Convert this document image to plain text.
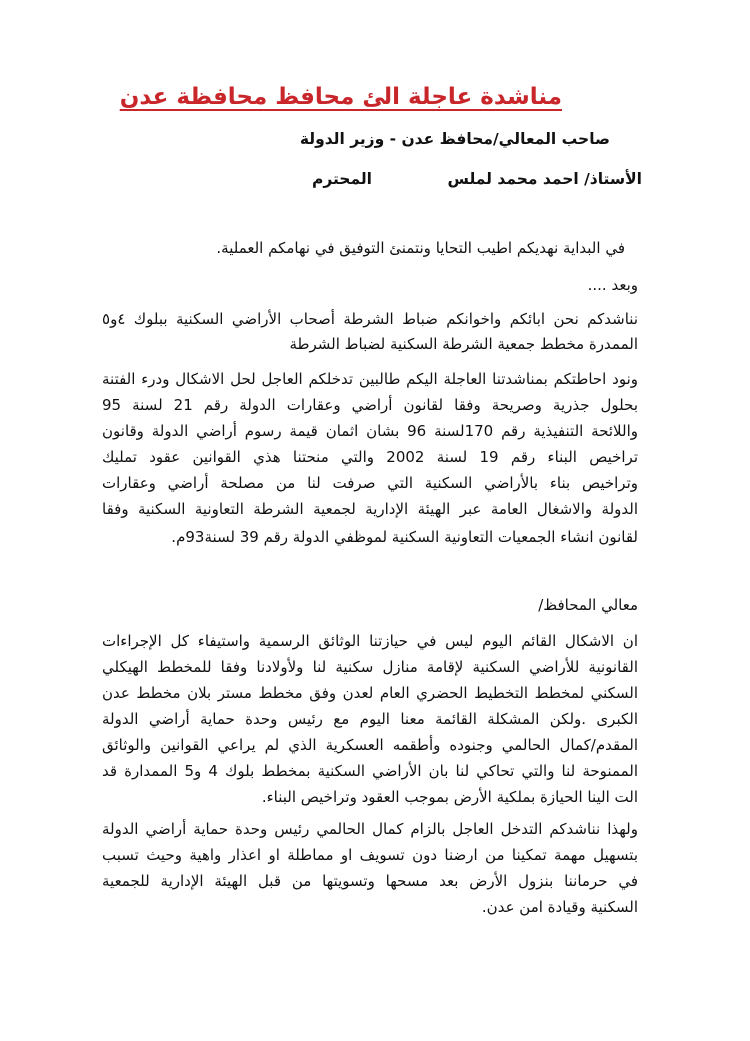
مناشدة عاجلة الئ محافظ محافظة عدن
صاحب المعالي/محافظ عدن - وزير الدولة
الأستاذ/ احمد محمد لملس
المحترم
في البداية نهديكم اطيب التحايا ونتمنئ التوفيق في نهامكم العملية.
وبعد ....
نناشدكم نحن ابائكم واخوانكم ضباط الشرطة أصحاب الأراضي السكنية ببلوك ٤و٥
الممدرة مخطط جمعية الشرطة السكنية لضباط الشرطة
ونود احاطتكم بمناشدتنا العاجلة اليكم طالبين تدخلكم العاجل لحل الاشكال ودرء الفتنة
بحلول جذرية وصريحة وفقا لقانون أراضي وعقارات الدولة رقم 21 لسنة 95
واللائحة التنفيذية رقم 170لسنة 96 بشان اثمان قيمة رسوم أراضي الدولة وقانون
تراخيص البناء رقم 19 لسنة 2002 والتي منحتنا هذي القوانين عقود تمليك
وتراخيص بناء بالأراضي السكنية التي صرفت لنا من مصلحة أراضي وعقارات
الدولة والاشغال العامة عبر الهيئة الإدارية لجمعية الشرطة التعاونية السكنية وفقا
لقانون انشاء الجمعيات التعاونية السكنية لموظفي الدولة رقم 39 لسنة93م.
معالي المحافظ/
ان الاشكال القائم اليوم ليس في حيازتنا الوثائق الرسمية واستيفاء كل الإجراءات
القانونية للأراضي السكنية لإقامة منازل سكنية لنا ولأولادنا وفقا للمخطط الهيكلي
السكني لمخطط التخطيط الحضري العام لعدن وفق مخطط مستر بلان مخطط عدن
الكبرى .ولكن المشكلة القائمة معنا اليوم مع رئيس وحدة حماية أراضي الدولة
المقدم/كمال الحالمي وجنوده وأطقمه العسكرية الذي لم يراعي القوانين والوثائق
الممنوحة لنا والتي تحاكي لنا بان الأراضي السكنية بمخطط بلوك 4 و5 الممدارة قد
الت الينا الحيازة بملكية الأرض بموجب العقود وتراخيص البناء.
ولهذا نناشدكم التدخل العاجل بالزام كمال الحالمي رئيس وحدة حماية أراضي الدولة
بتسهيل مهمة تمكينا من ارضنا دون تسويف او مماطلة او اعذار واهية وحيث تسبب
في حرماننا بنزول الأرض بعد مسحها وتسويتها من قبل الهيئة الإدارية للجمعية
السكنية وقيادة امن عدن.
